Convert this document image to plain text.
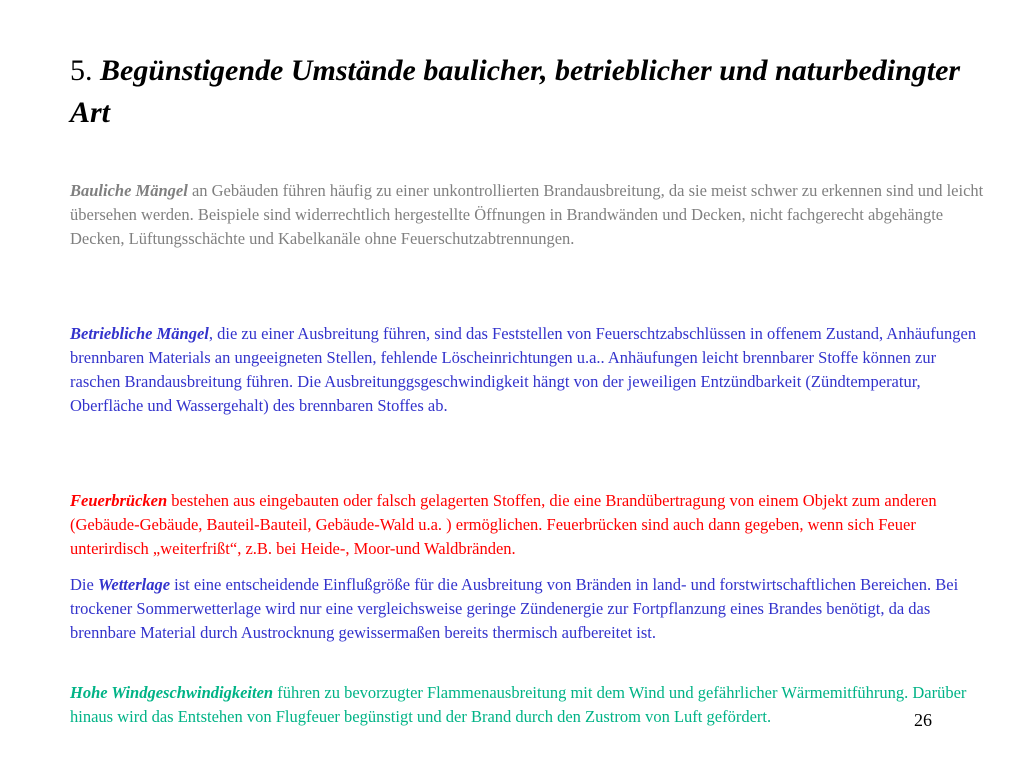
5. Begünstigende Umstände baulicher, betrieblicher und naturbedingter Art

Bauliche Mängel an Gebäuden führen häufig zu einer unkontrollierten Brandausbreitung, da sie meist schwer zu erkennen sind und leicht übersehen werden. Beispiele sind widerrechtlich hergestellte Öffnungen in Brandwänden und Decken, nicht fachgerecht abgehängte Decken, Lüftungsschächte und Kabelkanäle ohne Feuerschutzabtrennungen.

Betriebliche Mängel, die zu einer Ausbreitung führen, sind das Feststellen von Feuerschtzabschlüssen in offenem Zustand, Anhäufungen brennbaren Materials an ungeeigneten Stellen, fehlende Löscheinrichtungen u.a.. Anhäufungen leicht brennbarer Stoffe können zur raschen Brandausbreitung führen. Die Ausbreitunggsgeschwindigkeit hängt von der jeweiligen Entzündbarkeit (Zündtemperatur, Oberfläche und Wassergehalt) des brennbaren Stoffes ab.

Feuerbrücken bestehen aus eingebauten oder falsch gelagerten Stoffen, die eine Brandübertragung von einem Objekt zum anderen (Gebäude-Gebäude, Bauteil-Bauteil, Gebäude-Wald u.a. ) ermöglichen. Feuerbrücken sind auch dann gegeben, wenn sich Feuer unterirdisch „weiterfrißt“, z.B. bei Heide-, Moor-und Waldbränden.

Die Wetterlage ist eine entscheidende Einflußgröße für die Ausbreitung von Bränden in land- und forstwirtschaftlichen Bereichen. Bei trockener Sommerwetterlage wird nur eine vergleichsweise geringe Zündenergie zur Fortpflanzung eines Brandes benötigt, da das brennbare Material durch Austrocknung gewissermaßen bereits thermisch aufbereitet ist.

Hohe Windgeschwindigkeiten führen zu bevorzugter Flammenausbreitung mit dem Wind und gefährlicher Wärmemitführung. Darüber hinaus wird das Entstehen von Flugfeuer begünstigt und der Brand durch den Zustrom von Luft gefördert.	26
